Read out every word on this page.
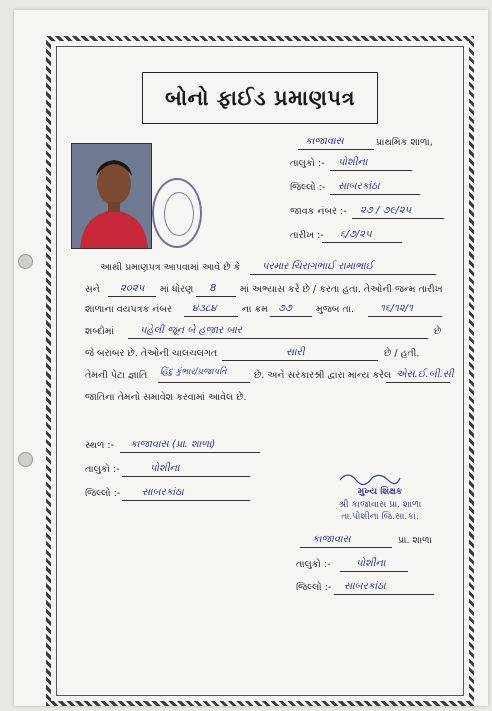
બોનો ફાઈડ પ્રમાણપત્ર
કાજાવાસ	પ્રાથમિક શાળા,
તાલુકો :- પોશીના
જિલ્લો :- સાબરકાંઠા
જાવક નંબર :- ૨૭ / ૭૯/૨૫
તારીખ :- ૬/૭/૨૫
આથી પ્રમાણપત્ર આપવામાં આવે છે કે પરમાર ચિરાગભાઈ રામાભાઈ
સને ૨૦૨૫ માં ધોરણ 8 માં અભ્યાસ કરે છે / કરતા હતા. તેઓની જન્મ તારીખ
શાળાના વયપત્રક નંબર ૪૩૮૪	ના ક્રમ ૭૭	મુજબ તા.	૧૬/૧૨/૧
શબ્દોમાં	પહેલી જૂન બે હજાર બાર	છે
જે બરાબર છે. તેઓની ચાલચલગત	સારી	છે / હતી.
તેમની પેટા જ્ઞાતિ હિંદુ કુંભાર/પ્રજાપતિ	છે. અને સરકારશ્રી દ્વારા માન્ય કરેલ એસ.ઈ.બી.સી
જાતિના તેમનો સમાવેશ કરવામાં આવેલ છે.
સ્થળ :- કાજાવાસ (પ્રા. શાળા)
તાલુકો :-	પોશીના
જિલ્લો :- સાબરકાંઠા	મુખ્ય શિક્ષક
શ્રી કાજાવાસ પ્રા. શાળા
તા.પોશીના જિ.સા.કાં.
કાજાવાસ	પ્રા. શાળા
તાલુકો :-	પોશીના
જિલ્લો :- સાબરકાંઠા
